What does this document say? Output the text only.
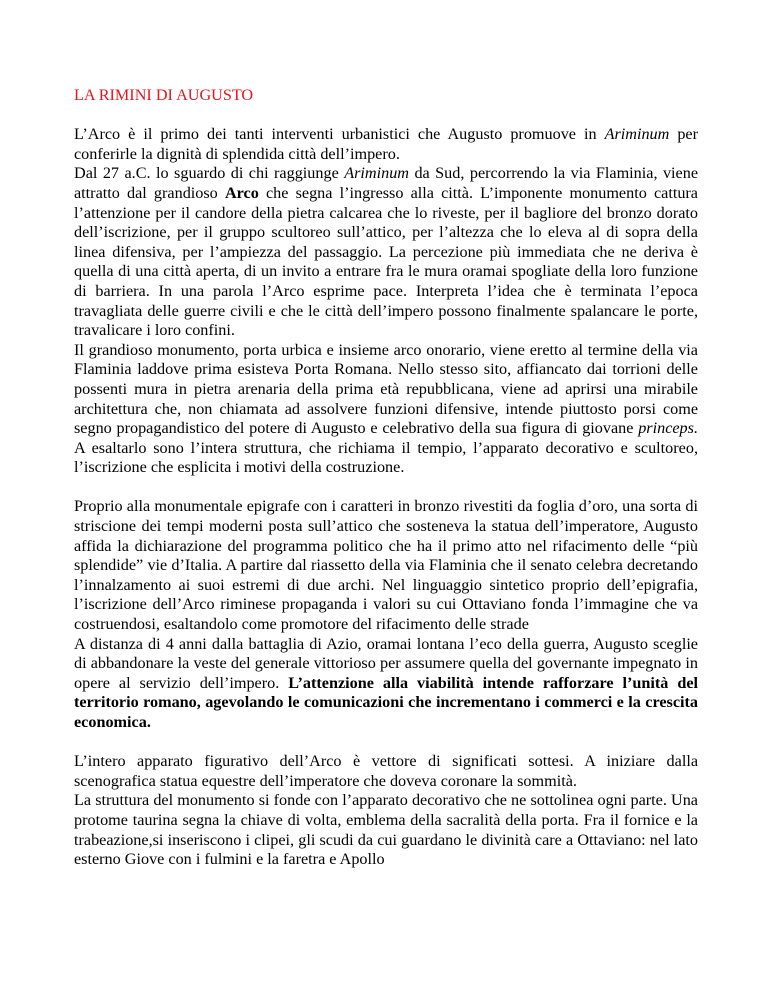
LA RIMINI DI AUGUSTO

L’Arco è il primo dei tanti interventi urbanistici che Augusto promuove in Ariminum per conferirle la dignità di splendida città dell’impero.

Dal 27 a.C. lo sguardo di chi raggiunge Ariminum da Sud, percorrendo la via Flaminia, viene attratto dal grandioso Arco che segna l’ingresso alla città. L’imponente monumento cattura l’attenzione per il candore della pietra calcarea che lo riveste, per il bagliore del bronzo dorato dell’iscrizione, per il gruppo scultoreo sull’attico, per l’altezza che lo eleva al di sopra della linea difensiva, per l’ampiezza del passaggio. La percezione più immediata che ne deriva è quella di una città aperta, di un invito a entrare fra le mura oramai spogliate della loro funzione di barriera. In una parola l’Arco esprime pace. Interpreta l’idea che è terminata l’epoca travagliata delle guerre civili e che le città dell’impero possono finalmente spalancare le porte, travalicare i loro confini.

Il grandioso monumento, porta urbica e insieme arco onorario, viene eretto al termine della via Flaminia laddove prima esisteva Porta Romana. Nello stesso sito, affiancato dai torrioni delle possenti mura in pietra arenaria della prima età repubblicana, viene ad aprirsi una mirabile architettura che, non chiamata ad assolvere funzioni difensive, intende piuttosto porsi come segno propagandistico del potere di Augusto e celebrativo della sua figura di giovane princeps. A esaltarlo sono l’intera struttura, che richiama il tempio, l’apparato decorativo e scultoreo, l’iscrizione che esplicita i motivi della costruzione.

Proprio alla monumentale epigrafe con i caratteri in bronzo rivestiti da foglia d’oro, una sorta di striscione dei tempi moderni posta sull’attico che sosteneva la statua dell’imperatore, Augusto affida la dichiarazione del programma politico che ha il primo atto nel rifacimento delle “più splendide” vie d’Italia. A partire dal riassetto della via Flaminia che il senato celebra decretando l’innalzamento ai suoi estremi di due archi. Nel linguaggio sintetico proprio dell’epigrafia, l’iscrizione dell’Arco riminese propaganda i valori su cui Ottaviano fonda l’immagine che va costruendosi, esaltandolo come promotore del rifacimento delle strade

A distanza di 4 anni dalla battaglia di Azio, oramai lontana l’eco della guerra, Augusto sceglie di abbandonare la veste del generale vittorioso per assumere quella del governante impegnato in opere al servizio dell’impero. L’attenzione alla viabilità intende rafforzare l’unità del territorio romano, agevolando le comunicazioni che incrementano i commerci e la crescita economica.

L’intero apparato figurativo dell’Arco è vettore di significati sottesi. A iniziare dalla scenografica statua equestre dell’imperatore che doveva coronare la sommità.

La struttura del monumento si fonde con l’apparato decorativo che ne sottolinea ogni parte. Una protome taurina segna la chiave di volta, emblema della sacralità della porta. Fra il fornice e la trabeazione,si inseriscono i clipei, gli scudi da cui guardano le divinità care a Ottaviano: nel lato esterno Giove con i fulmini e la faretra e Apollo
